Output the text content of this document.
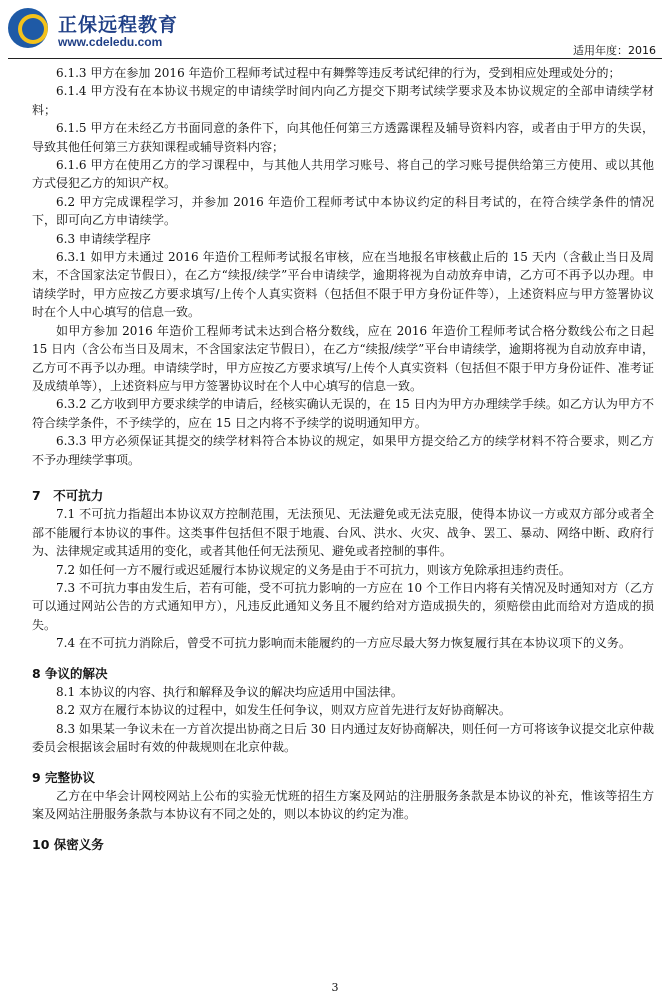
正保远程教育
www.cdeledu.com
适用年度：2016

6.1.3 甲方在参加 2016 年造价工程师考试过程中有舞弊等违反考试纪律的行为，受到相应处理或处分的；

6.1.4 甲方没有在本协议书规定的申请续学时间内向乙方提交下期考试续学要求及本协议规定的全部申请续学材料；

6.1.5 甲方在未经乙方书面同意的条件下，向其他任何第三方透露课程及辅导资料内容，或者由于甲方的失误，导致其他任何第三方获知课程或辅导资料内容；

6.1.6 甲方在使用乙方的学习课程中，与其他人共用学习账号、将自己的学习账号提供给第三方使用、或以其他方式侵犯乙方的知识产权。

6.2 甲方完成课程学习，并参加 2016 年造价工程师考试中本协议约定的科目考试的，在符合续学条件的情况下，即可向乙方申请续学。

6.3 申请续学程序

6.3.1 如甲方未通过 2016 年造价工程师考试报名审核，应在当地报名审核截止后的 15 天内（含截止当日及周末，不含国家法定节假日），在乙方“续报/续学”平台申请续学，逾期将视为自动放弃申请，乙方可不再予以办理。申请续学时，甲方应按乙方要求填写/上传个人真实资料（包括但不限于甲方身份证件等），上述资料应与甲方签署协议时在个人中心填写的信息一致。

如甲方参加 2016 年造价工程师考试未达到合格分数线，应在 2016 年造价工程师考试合格分数线公布之日起 15 日内（含公布当日及周末，不含国家法定节假日），在乙方“续报/续学”平台申请续学，逾期将视为自动放弃申请，乙方可不再予以办理。申请续学时，甲方应按乙方要求填写/上传个人真实资料（包括但不限于甲方身份证件、准考证及成绩单等），上述资料应与甲方签署协议时在个人中心填写的信息一致。

6.3.2 乙方收到甲方要求续学的申请后，经核实确认无误的，在 15 日内为甲方办理续学手续。如乙方认为甲方不符合续学条件，不予续学的，应在 15 日之内将不予续学的说明通知甲方。

6.3.3 甲方必须保证其提交的续学材料符合本协议的规定，如果甲方提交给乙方的续学材料不符合要求，则乙方不予办理续学事项。

7　不可抗力

7.1 不可抗力指超出本协议双方控制范围，无法预见、无法避免或无法克服，使得本协议一方或双方部分或者全部不能履行本协议的事件。这类事件包括但不限于地震、台风、洪水、火灾、战争、罢工、暴动、网络中断、政府行为、法律规定或其适用的变化，或者其他任何无法预见、避免或者控制的事件。

7.2 如任何一方不履行或迟延履行本协议规定的义务是由于不可抗力，则该方免除承担违约责任。

7.3 不可抗力事由发生后，若有可能，受不可抗力影响的一方应在 10 个工作日内将有关情况及时通知对方（乙方可以通过网站公告的方式通知甲方），凡违反此通知义务且不履约给对方造成损失的，须赔偿由此而给对方造成的损失。

7.4 在不可抗力消除后，曾受不可抗力影响而未能履约的一方应尽最大努力恢复履行其在本协议项下的义务。

8 争议的解决

8.1 本协议的内容、执行和解释及争议的解决均应适用中国法律。

8.2 双方在履行本协议的过程中，如发生任何争议，则双方应首先进行友好协商解决。

8.3 如果某一争议未在一方首次提出协商之日后 30 日内通过友好协商解决，则任何一方可将该争议提交北京仲裁委员会根据该会届时有效的仲裁规则在北京仲裁。

9 完整协议

乙方在中华会计网校网站上公布的实验无忧班的招生方案及网站的注册服务条款是本协议的补充，惟该等招生方案及网站注册服务条款与本协议有不同之处的，则以本协议的约定为准。

10 保密义务

3
